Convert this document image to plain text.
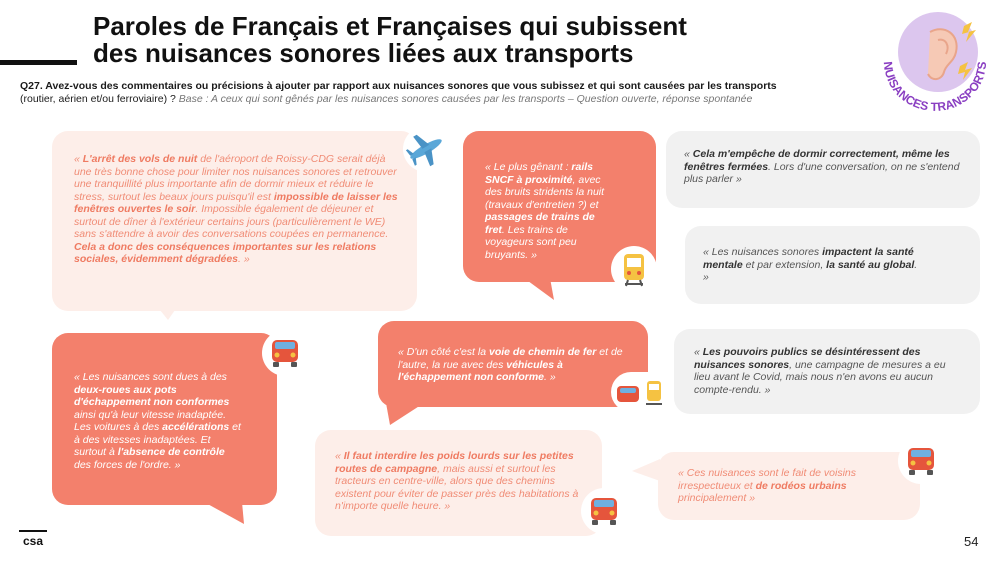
Paroles de Français et Françaises qui subissent
des nuisances sonores liées aux transports
Q27. Avez-vous des commentaires ou précisions à ajouter par rapport aux nuisances sonores que vous subissez et qui sont causées par les transports
(routier, aérien et/ou ferroviaire) ? Base : A ceux qui sont gênés par les nuisances sonores causées par les transports – Question ouverte, réponse spontanée
NUISANCES TRANSPORTS

« L'arrêt des vols de nuit de l'aéroport de Roissy-CDG serait déjà une très bonne chose pour limiter nos nuisances sonores et retrouver une tranquillité plus importante afin de dormir mieux et réduire le stress, surtout les beaux jours puisqu'il est impossible de laisser les fenêtres ouvertes le soir. Impossible également de déjeuner et surtout de dîner à l'extérieur certains jours (particulièrement le WE) sans s'attendre à avoir des conversations coupées en permanence. Cela a donc des conséquences importantes sur les relations sociales, évidemment dégradées. »

« Le plus gênant : rails SNCF à proximité, avec des bruits stridents la nuit (travaux d'entretien ?) et passages de trains de fret. Les trains de voyageurs sont peu bruyants. »

« Cela m'empêche de dormir correctement, même les fenêtres fermées. Lors d'une conversation, on ne s'entend plus parler »

« Les nuisances sonores impactent la santé mentale et par extension, la santé au global. »

« Les nuisances sont dues à des deux-roues aux pots d'échappement non conformes ainsi qu'à leur vitesse inadaptée. Les voitures à des accélérations et à des vitesses inadaptées. Et surtout à l'absence de contrôle des forces de l'ordre. »

« D'un côté c'est la voie de chemin de fer et de l'autre, la rue avec des véhicules à l'échappement non conforme. »

« Les pouvoirs publics se désintéressent des nuisances sonores, une campagne de mesures a eu lieu avant le Covid, mais nous n'en avons eu aucun compte-rendu. »

« Il faut interdire les poids lourds sur les petites routes de campagne, mais aussi et surtout les tracteurs en centre-ville, alors que des chemins existent pour éviter de passer près des habitations à n'importe quelle heure. »

« Ces nuisances sont le fait de voisins irrespectueux et de rodéos urbains principalement »

csa	54
